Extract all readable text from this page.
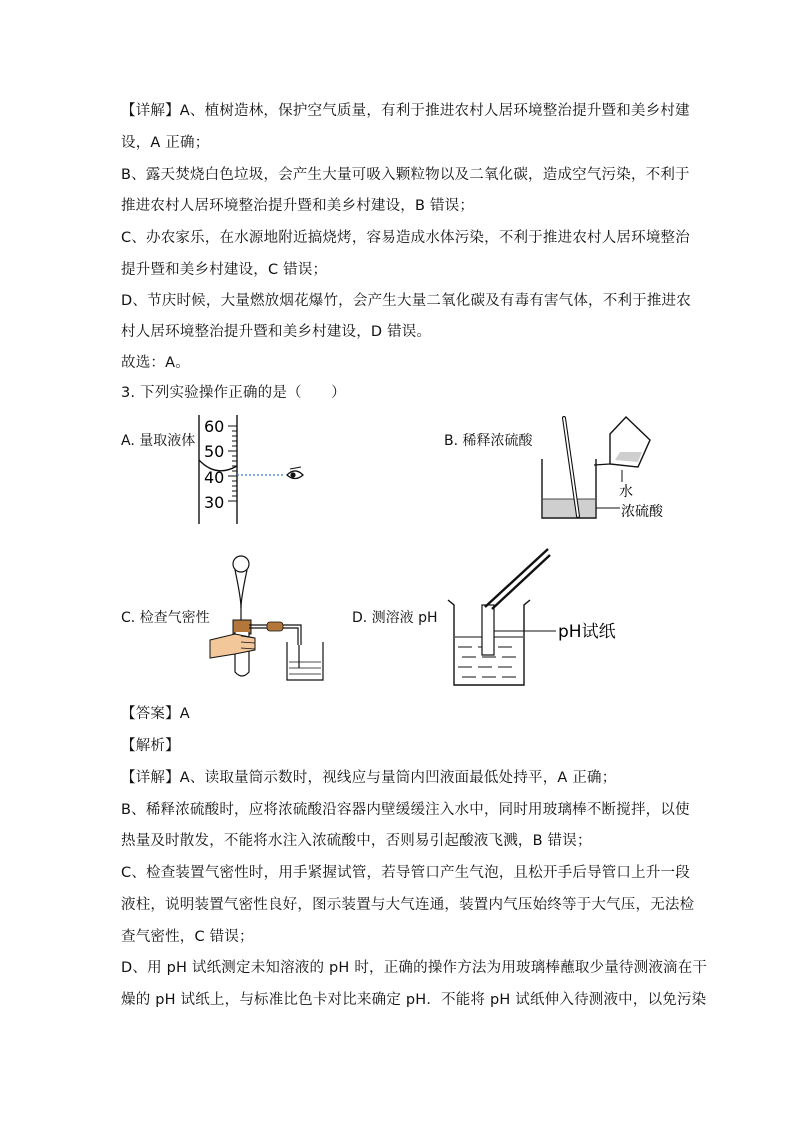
【详解】A、植树造林，保护空气质量，有利于推进农村人居环境整治提升暨和美乡村建
设，A 正确；
B、露天焚烧白色垃圾，会产生大量可吸入颗粒物以及二氧化碳，造成空气污染，不利于
推进农村人居环境整治提升暨和美乡村建设，B 错误；
C、办农家乐，在水源地附近搞烧烤，容易造成水体污染，不利于推进农村人居环境整治
提升暨和美乡村建设，C 错误；
D、节庆时候，大量燃放烟花爆竹，会产生大量二氧化碳及有毒有害气体，不利于推进农
村人居环境整治提升暨和美乡村建设，D 错误。
故选：A。
3. 下列实验操作正确的是（　　）
A. 量取液体
60
50
40
30
B. 稀释浓硫酸
水
浓硫酸
C. 检查气密性	D. 测溶液 pH
pH试纸
【答案】A
【解析】
【详解】A、读取量筒示数时，视线应与量筒内凹液面最低处持平，A 正确；
B、稀释浓硫酸时，应将浓硫酸沿容器内壁缓缓注入水中，同时用玻璃棒不断搅拌，以使
热量及时散发，不能将水注入浓硫酸中，否则易引起酸液飞溅，B 错误；
C、检查装置气密性时，用手紧握试管，若导管口产生气泡，且松开手后导管口上升一段
液柱，说明装置气密性良好，图示装置与大气连通，装置内气压始终等于大气压，无法检
查气密性，C 错误；
D、用 pH 试纸测定未知溶液的 pH 时，正确的操作方法为用玻璃棒蘸取少量待测液滴在干
燥的 pH 试纸上，与标准比色卡对比来确定 pH．不能将 pH 试纸伸入待测液中，以免污染
